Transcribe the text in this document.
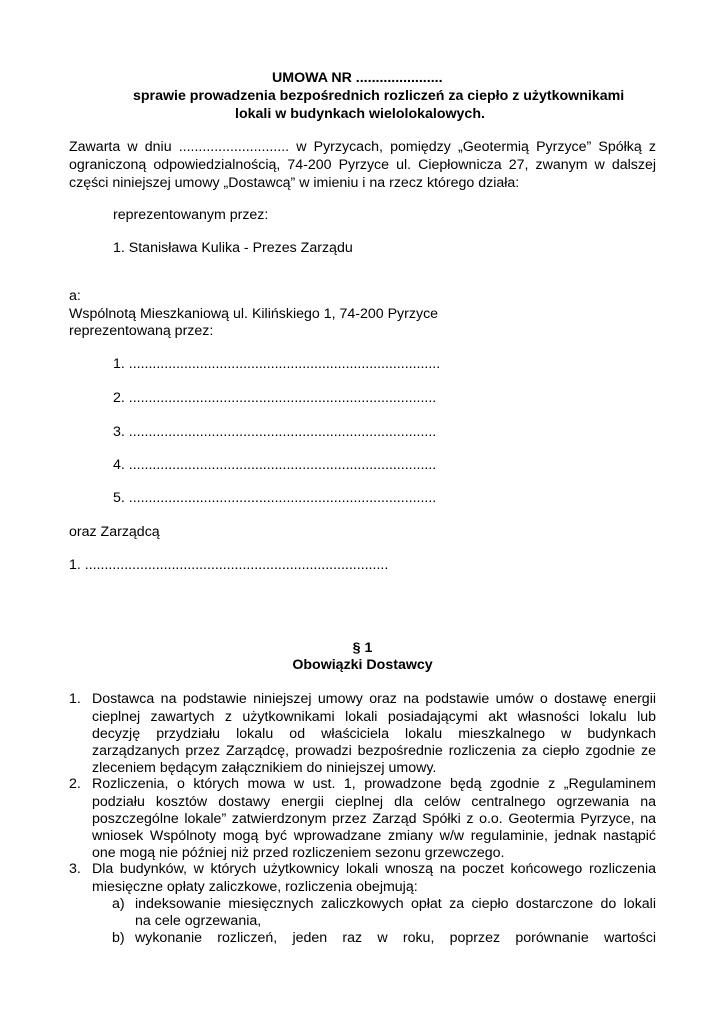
UMOWA NR ......................
sprawie prowadzenia bezpośrednich rozliczeń za ciepło z użytkownikami
lokali w budynkach wielolokalowych.
Zawarta w dniu ............................ w Pyrzycach, pomiędzy „Geotermią Pyrzyce” Spółką z
ograniczoną odpowiedzialnością, 74-200 Pyrzyce ul. Ciepłownicza 27, zwanym w dalszej
części niniejszej umowy „Dostawcą” w imieniu i na rzecz którego działa:
reprezentowanym przez:
1. Stanisława Kulika - Prezes Zarządu
a:
Wspólnotą Mieszkaniową ul. Kilińskiego 1, 74-200 Pyrzyce
reprezentowaną przez:
1. ...............................................................................
2. ..............................................................................
3. ..............................................................................
4. ..............................................................................
5. ..............................................................................
oraz Zarządcą
1. .............................................................................
§ 1
Obowiązki Dostawcy
1. Dostawca na podstawie niniejszej umowy oraz na podstawie umów o dostawę energii
cieplnej zawartych z użytkownikami lokali posiadającymi akt własności lokalu lub
decyzję przydziału lokalu od właściciela lokalu mieszkalnego w budynkach
zarządzanych przez Zarządcę, prowadzi bezpośrednie rozliczenia za ciepło zgodnie ze
zleceniem będącym załącznikiem do niniejszej umowy.
2. Rozliczenia, o których mowa w ust. 1, prowadzone będą zgodnie z „Regulaminem
podziału kosztów dostawy energii cieplnej dla celów centralnego ogrzewania na
poszczególne lokale” zatwierdzonym przez Zarząd Spółki z o.o. Geotermia Pyrzyce, na
wniosek Wspólnoty mogą być wprowadzane zmiany w/w regulaminie, jednak nastąpić
one mogą nie później niż przed rozliczeniem sezonu grzewczego.
3. Dla budynków, w których użytkownicy lokali wnoszą na poczet końcowego rozliczenia
miesięczne opłaty zaliczkowe, rozliczenia obejmują:
a) indeksowanie miesięcznych zaliczkowych opłat za ciepło dostarczone do lokali
na cele ogrzewania,
b) wykonanie rozliczeń, jeden raz w roku, poprzez porównanie wartości
